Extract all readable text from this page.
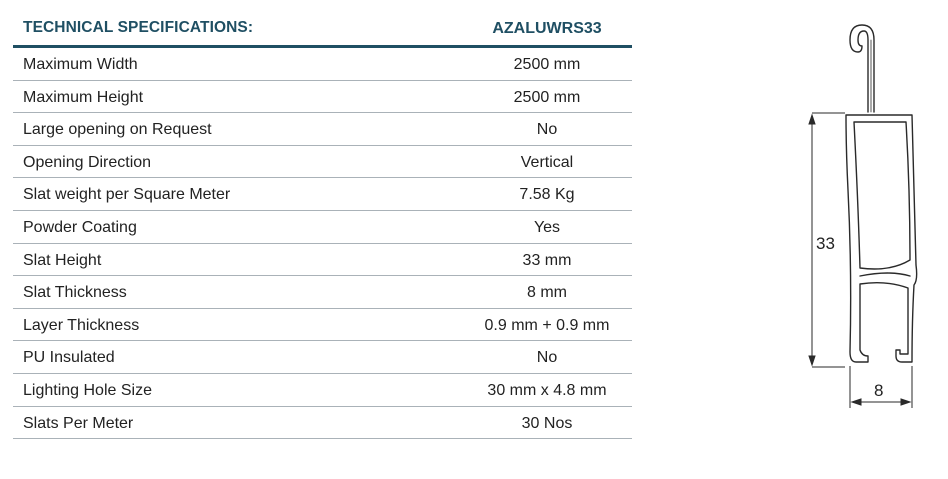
TECHNICAL SPECIFICATIONS:	AZALUWRS33
Maximum Width	2500 mm
Maximum Height	2500 mm
Large opening on Request	No
Opening Direction	Vertical
Slat weight per Square Meter	7.58 Kg
Powder Coating	Yes
Slat Height	33 mm
Slat Thickness	8 mm
Layer Thickness	0.9 mm + 0.9 mm
PU Insulated	No
Lighting Hole Size	30 mm x 4.8 mm
Slats Per Meter	30 Nos
33
8
